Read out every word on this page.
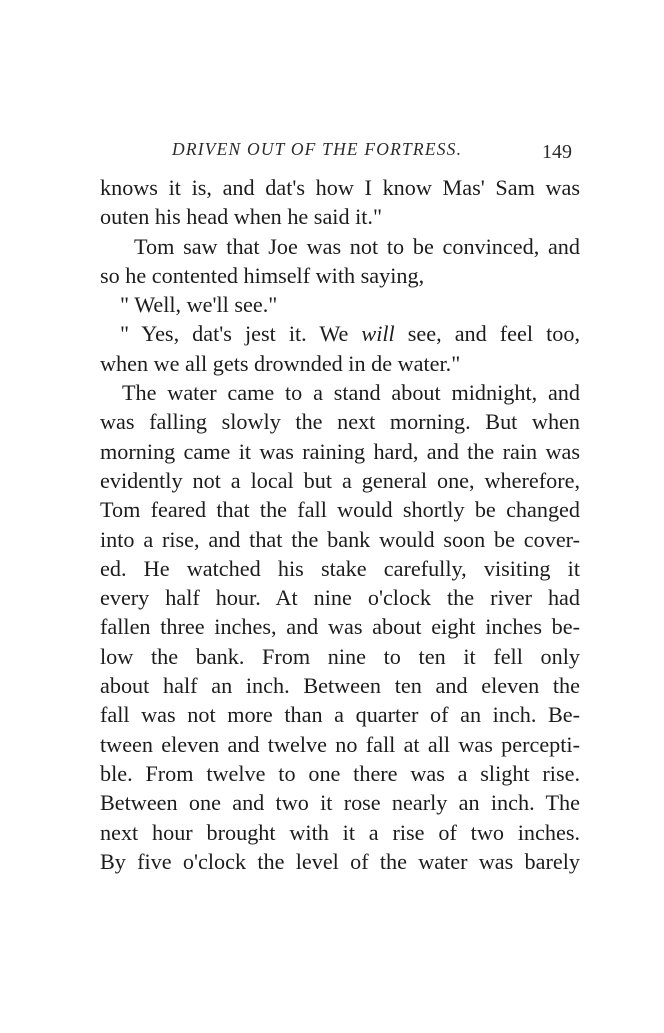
DRIVEN OUT OF THE FORTRESS.	149
knows it is, and dat's how I know Mas' Sam was
outen his head when he said it."
Tom saw that Joe was not to be convinced, and
so he contented himself with saying,
" Well, we'll see."
" Yes, dat's jest it. We will see, and feel too,
when we all gets drownded in de water."
The water came to a stand about midnight, and
was falling slowly the next morning. But when
morning came it was raining hard, and the rain was
evidently not a local but a general one, wherefore,
Tom feared that the fall would shortly be changed
into a rise, and that the bank would soon be cover-
ed. He watched his stake carefully, visiting it
every half hour. At nine o'clock the river had
fallen three inches, and was about eight inches be-
low the bank. From nine to ten it fell only
about half an inch. Between ten and eleven the
fall was not more than a quarter of an inch. Be-
tween eleven and twelve no fall at all was percepti-
ble. From twelve to one there was a slight rise.
Between one and two it rose nearly an inch. The
next hour brought with it a rise of two inches.
By five o'clock the level of the water was barely
